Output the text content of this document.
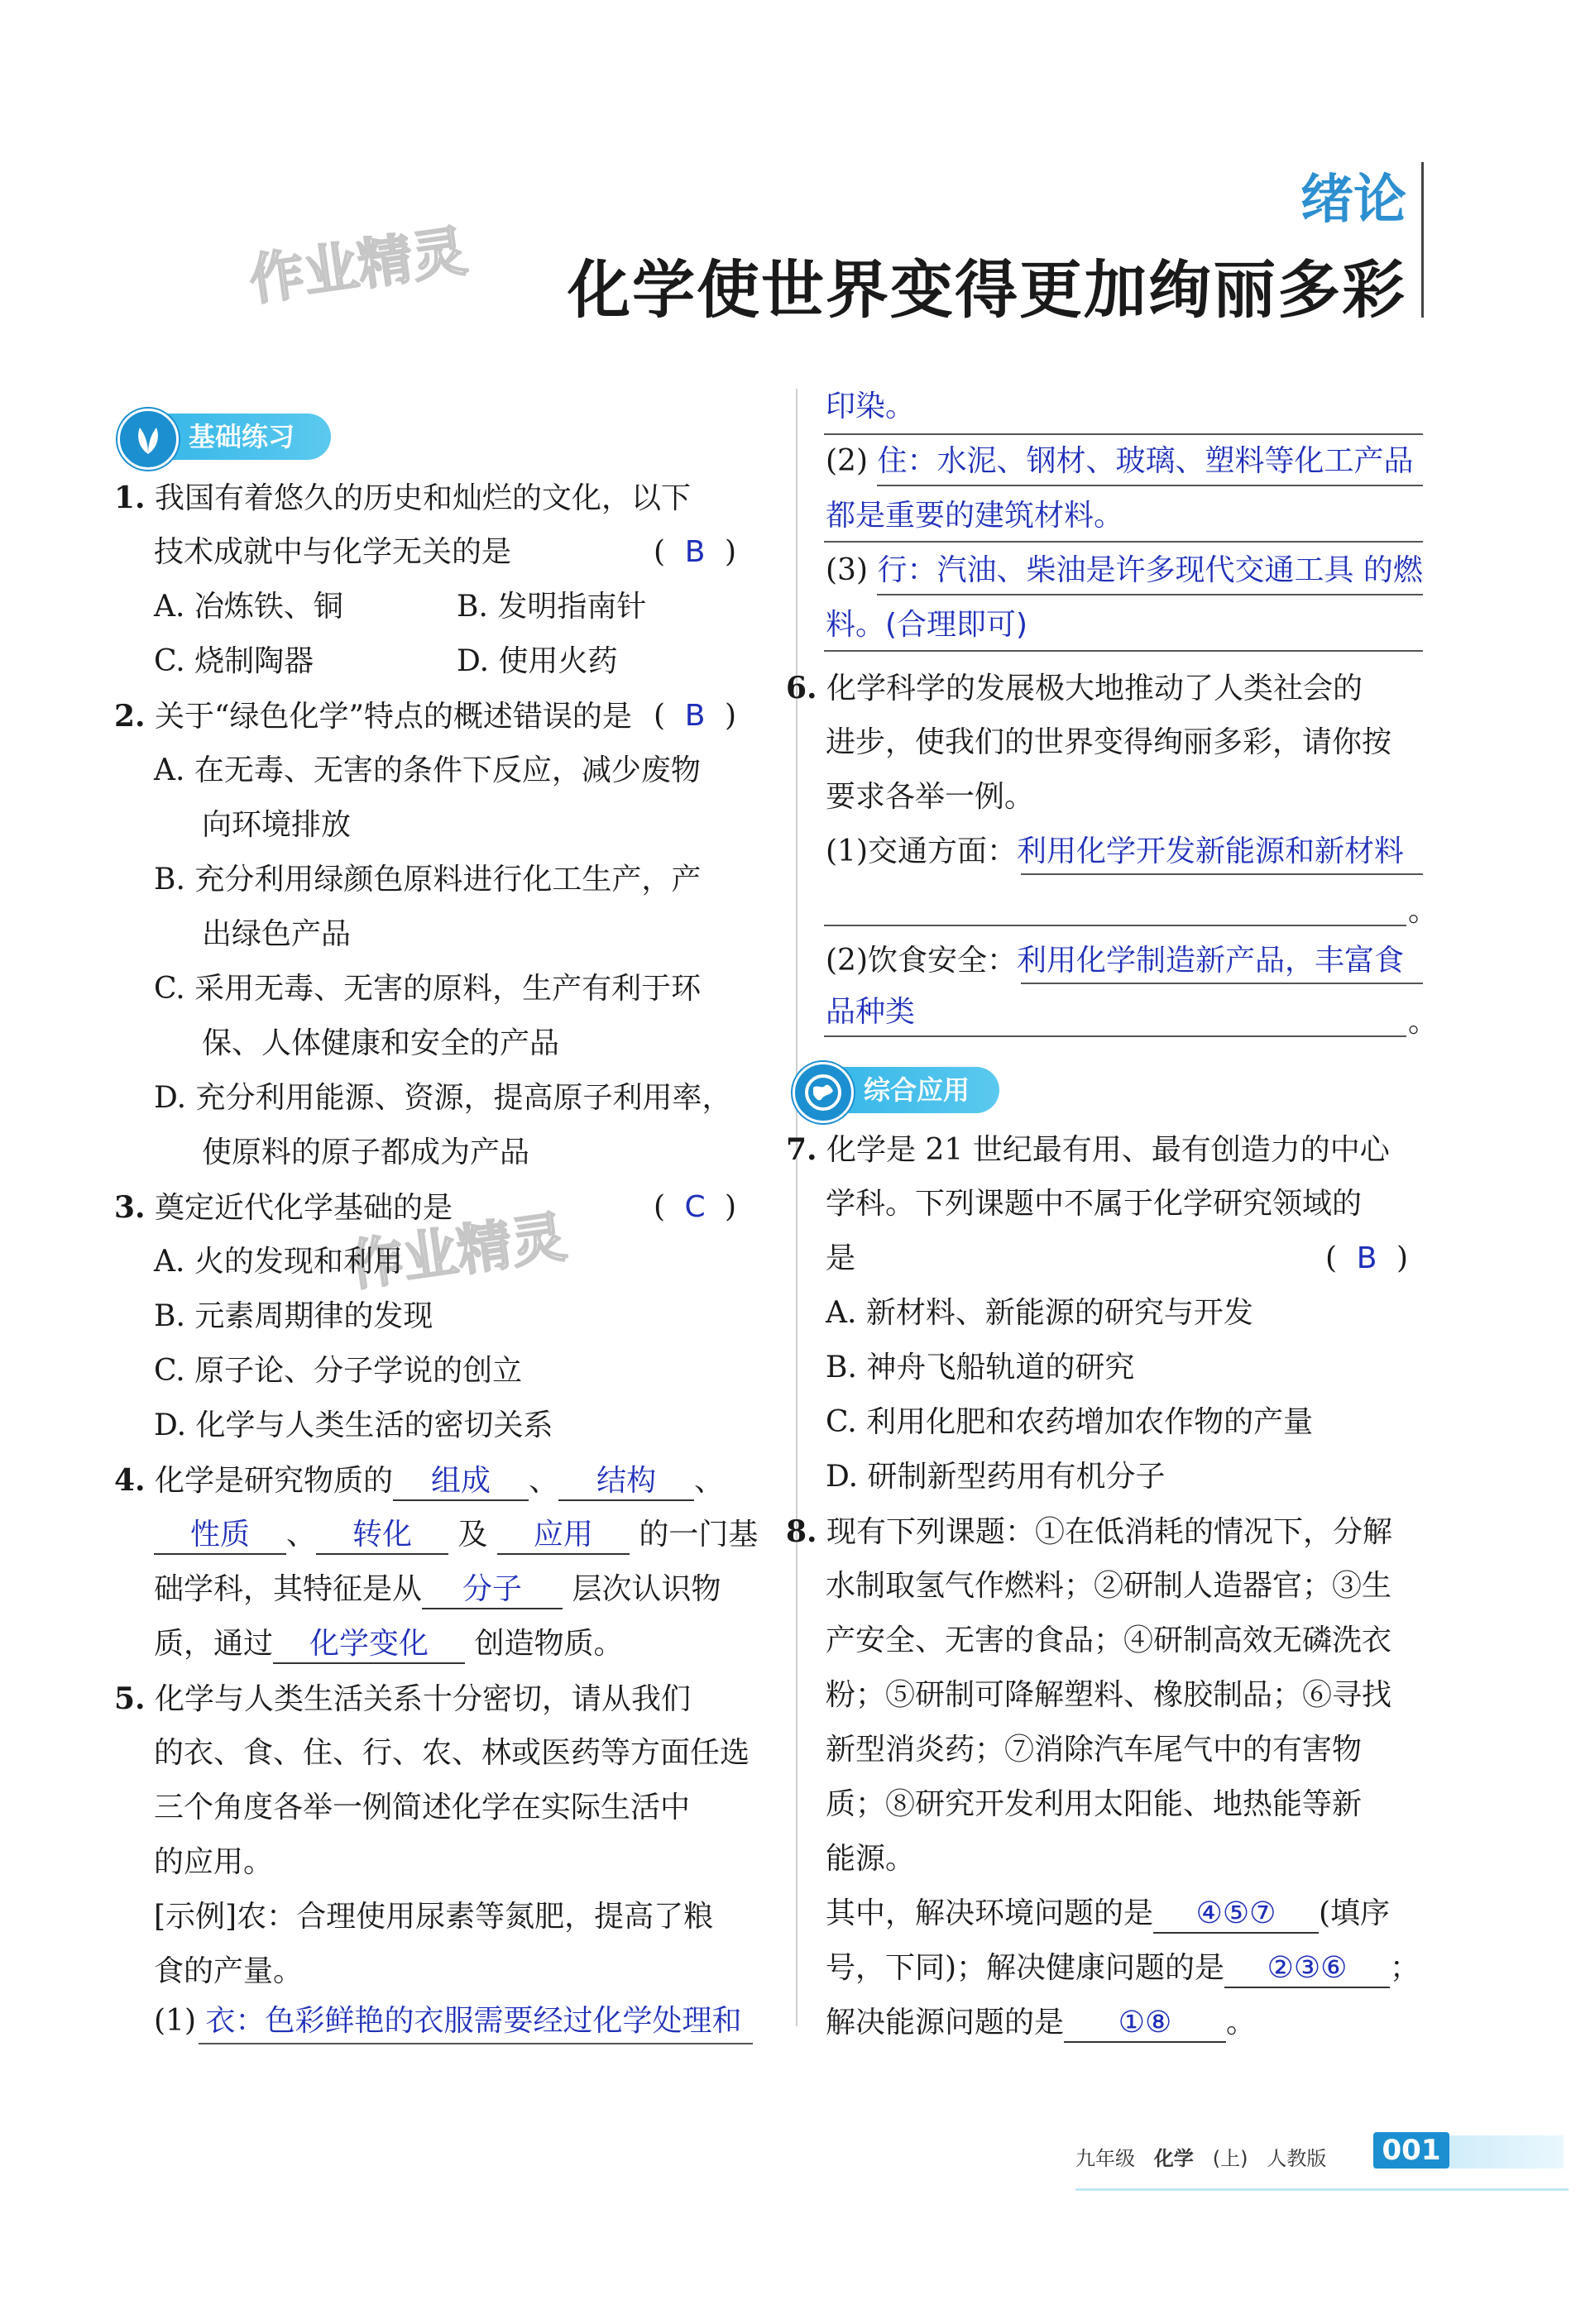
绪论
化学使世界变得更加绚丽多彩
作业精灵
作业精灵
基础练习
1. 我国有着悠久的历史和灿烂的文化，以下
技术成就中与化学无关的是	( B )
A. 冶炼铁、铜	B. 发明指南针
C. 烧制陶器	D. 使用火药
2. 关于“绿色化学”特点的概述错误的是 ( B )
A. 在无毒、无害的条件下反应，减少废物
向环境排放
B. 充分利用绿颜色原料进行化工生产，产
出绿色产品
C. 采用无毒、无害的原料，生产有利于环
保、人体健康和安全的产品
D. 充分利用能源、资源，提高原子利用率，
使原料的原子都成为产品
3. 奠定近代化学基础的是	( C )
A. 火的发现和利用
B. 元素周期律的发现
C. 原子论、分子学说的创立
D. 化学与人类生活的密切关系
4. 化学是研究物质的 组成 、 结构 、
性质 、 转化 及 应用 的一门基
础学科，其特征是从 分子 层次认识物
质，通过 化学变化 创造物质。
5. 化学与人类生活关系十分密切，请从我们
的衣、食、住、行、农、林或医药等方面任选
三个角度各举一例简述化学在实际生活中
的应用。
[示例]农：合理使用尿素等氮肥，提高了粮
食的产量。
(1) 衣：色彩鲜艳的衣服需要经过化学处理和
印染。
(2) 住：水泥、钢材、玻璃、塑料等化工产品
都是重要的建筑材料。
(3) 行：汽油、柴油是许多现代交通工具 的燃
料。(合理即可)
6. 化学科学的发展极大地推动了人类社会的
进步，使我们的世界变得绚丽多彩，请你按
要求各举一例。
(1)交通方面：利用化学开发新能源和新材料
。
(2)饮食安全：利用化学制造新产品，丰富食
品种类	。
综合应用
7. 化学是 21 世纪最有用、最有创造力的中心
学科。下列课题中不属于化学研究领域的
是	( B )
A. 新材料、新能源的研究与开发
B. 神舟飞船轨道的研究
C. 利用化肥和农药增加农作物的产量
D. 研制新型药用有机分子
8. 现有下列课题：①在低消耗的情况下，分解
水制取氢气作燃料；②研制人造器官；③生
产安全、无害的食品；④研制高效无磷洗衣
粉；⑤研制可降解塑料、橡胶制品；⑥寻找
新型消炎药；⑦消除汽车尾气中的有害物
质；⑧研究开发利用太阳能、地热能等新
能源。
其中，解决环境问题的是 ④⑤⑦ (填序
号，下同)；解决健康问题的是 ②③⑥ ；
解决能源问题的是 ①⑧ 。
九年级 化学 (上) 人教版	001
